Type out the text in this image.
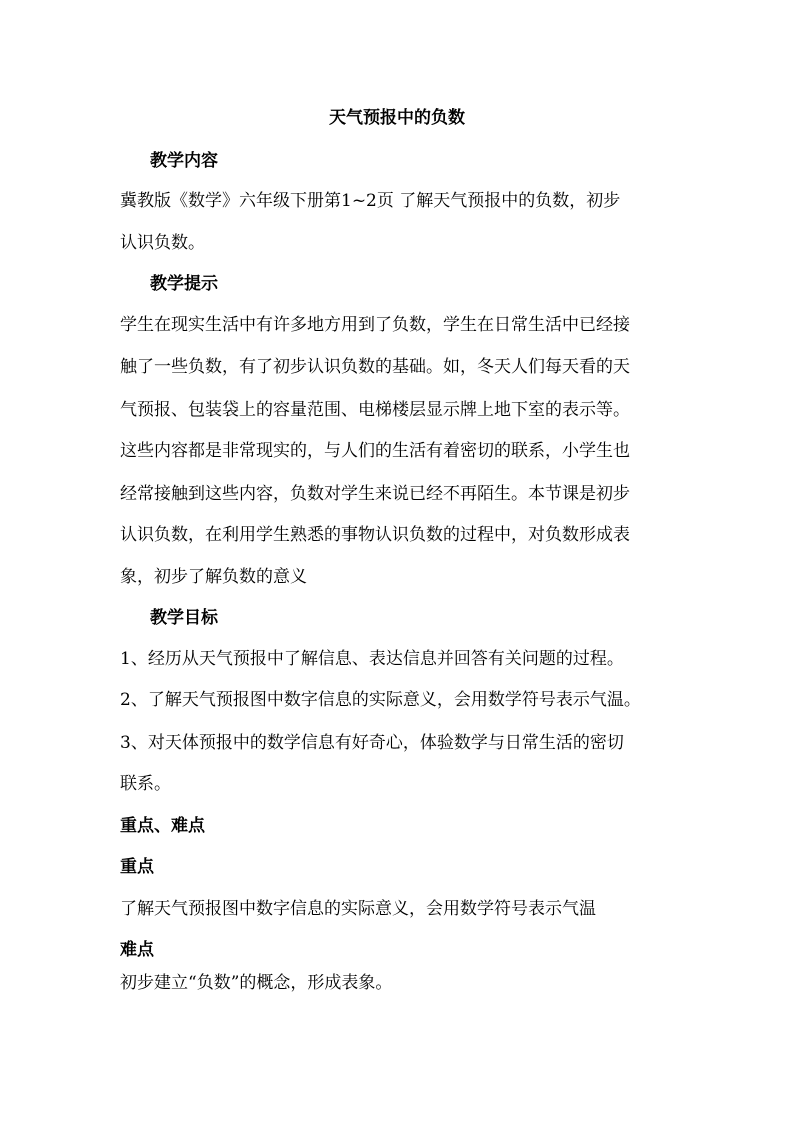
天气预报中的负数
教学内容
冀教版《数学》六年级下册第1~2页 了解天气预报中的负数，初步
认识负数。
教学提示
学生在现实生活中有许多地方用到了负数，学生在日常生活中已经接
触了一些负数，有了初步认识负数的基础。如，冬天人们每天看的天
气预报、包装袋上的容量范围、电梯楼层显示牌上地下室的表示等。
这些内容都是非常现实的，与人们的生活有着密切的联系，小学生也
经常接触到这些内容，负数对学生来说已经不再陌生。本节课是初步
认识负数，在利用学生熟悉的事物认识负数的过程中，对负数形成表
象，初步了解负数的意义
教学目标
1、经历从天气预报中了解信息、表达信息并回答有关问题的过程。
2、了解天气预报图中数字信息的实际意义，会用数学符号表示气温。
3、对天体预报中的数学信息有好奇心，体验数学与日常生活的密切
联系。
重点、难点
重点
了解天气预报图中数字信息的实际意义，会用数学符号表示气温
难点
初步建立“负数”的概念，形成表象。
